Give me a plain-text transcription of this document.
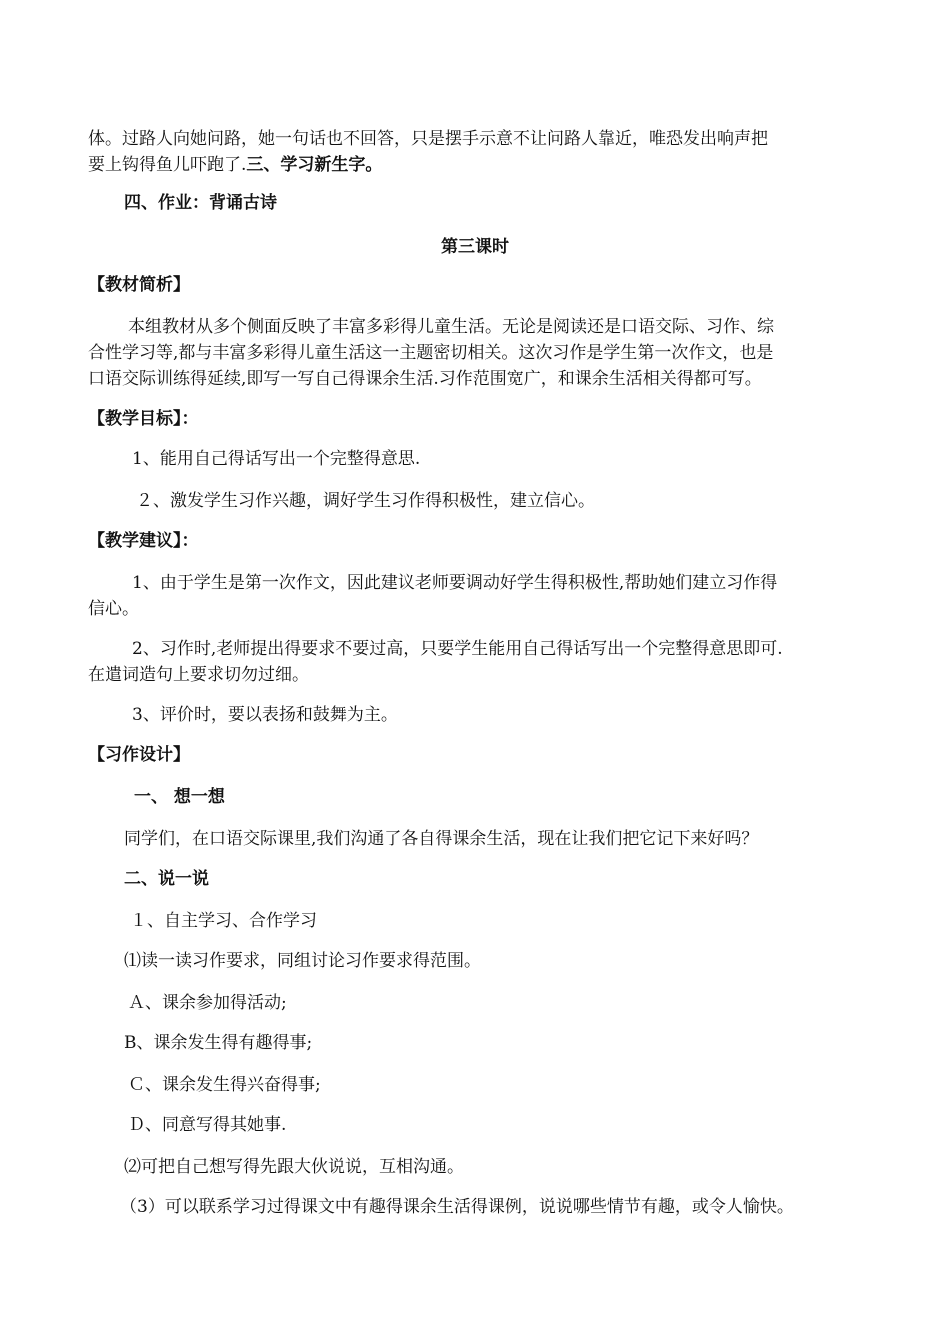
体。过路人向她问路，她一句话也不回答，只是摆手示意不让问路人靠近，唯恐发出响声把
要上钩得鱼儿吓跑了.三、学习新生字。
四、作业：背诵古诗
第三课时
【教材简析】
本组教材从多个侧面反映了丰富多彩得儿童生活。无论是阅读还是口语交际、习作、综
合性学习等,都与丰富多彩得儿童生活这一主题密切相关。这次习作是学生第一次作文，也是
口语交际训练得延续,即写一写自己得课余生活.习作范围宽广，和课余生活相关得都可写。
【教学目标】：
1、能用自己得话写出一个完整得意思.
２、激发学生习作兴趣，调好学生习作得积极性，建立信心。
【教学建议】：
1、由于学生是第一次作文，因此建议老师要调动好学生得积极性,帮助她们建立习作得
信心。
2、习作时,老师提出得要求不要过高，只要学生能用自己得话写出一个完整得意思即可.
在遣词造句上要求切勿过细。
3、评价时，要以表扬和鼓舞为主。
【习作设计】
一、 想一想
同学们，在口语交际课里,我们沟通了各自得课余生活，现在让我们把它记下来好吗？
二、说一说
１、自主学习、合作学习
⑴读一读习作要求，同组讨论习作要求得范围。
Ａ、课余参加得活动;
B、课余发生得有趣得事;
Ｃ、课余发生得兴奋得事;
Ｄ、同意写得其她事.
⑵可把自己想写得先跟大伙说说，互相沟通。
（3）可以联系学习过得课文中有趣得课余生活得课例，说说哪些情节有趣，或令人愉快。
